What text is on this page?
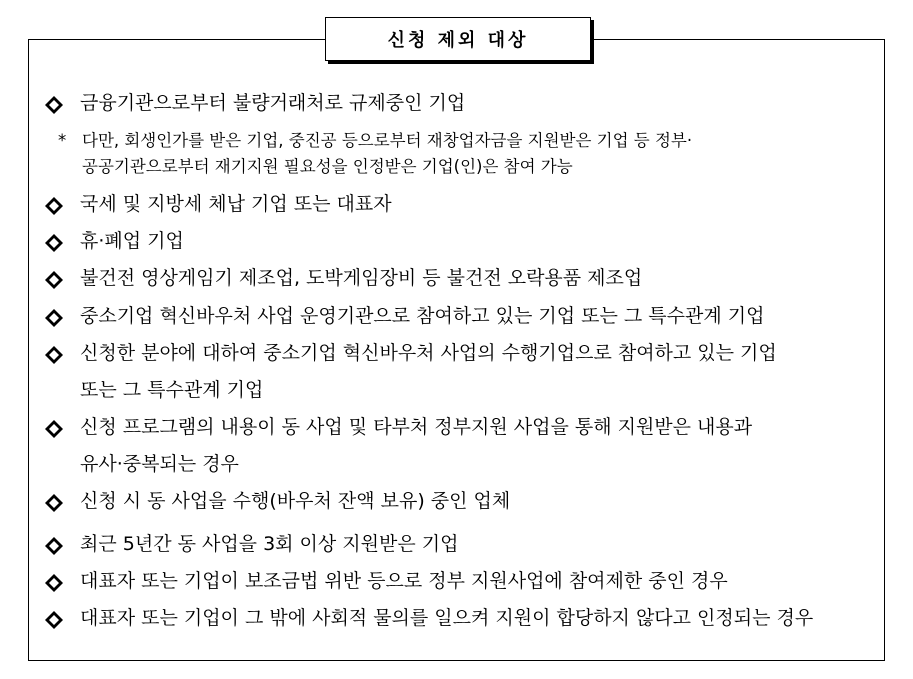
신청 제외 대상
금융기관으로부터 불량거래처로 규제중인 기업
국세 및 지방세 체납 기업 또는 대표자
휴·폐업 기업
불건전 영상게임기 제조업, 도박게임장비 등 불건전 오락용품 제조업
중소기업 혁신바우처 사업 운영기관으로 참여하고 있는 기업 또는 그 특수관계 기업
신청한 분야에 대하여 중소기업 혁신바우처 사업의 수행기업으로 참여하고 있는 기업
또는 그 특수관계 기업
신청 프로그램의 내용이 동 사업 및 타부처 정부지원 사업을 통해 지원받은 내용과
유사·중복되는 경우
신청 시 동 사업을 수행(바우처 잔액 보유) 중인 업체
최근 5년간 동 사업을 3회 이상 지원받은 기업
대표자 또는 기업이 보조금법 위반 등으로 정부 지원사업에 참여제한 중인 경우
대표자 또는 기업이 그 밖에 사회적 물의를 일으켜 지원이 합당하지 않다고 인정되는 경우
* 다만, 회생인가를 받은 기업, 중진공 등으로부터 재창업자금을 지원받은 기업 등 정부·
공공기관으로부터 재기지원 필요성을 인정받은 기업(인)은 참여 가능
